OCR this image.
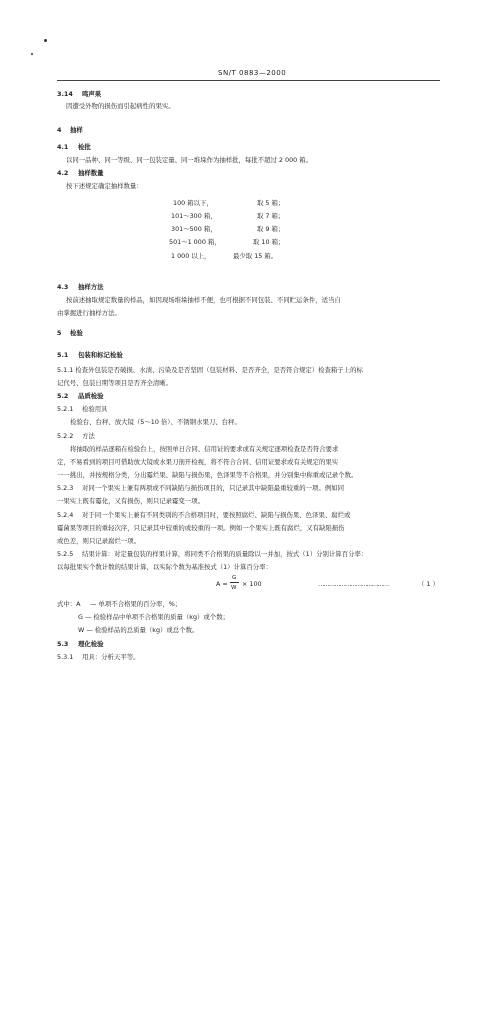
SN/T 0883—2000
3.14 鸣声果
因遭受外物的损伤而引起病性的果实。
4 抽样
4.1 检批
以同一品种、同一等级、同一包装定量、同一堆垛作为抽样批，每批不超过 2 000 箱。
4.2 抽样数量
按下述规定确定抽样数量：
100 箱以下，	取 5 箱；
101～300 箱，	取 7 箱；
301～500 箱，	取 9 箱；
501～1 000 箱，	取 10 箱；
1 000 以上，	最少取 15 箱。
4.3 抽样方法
按前述抽取规定数量的样品，如因现场堆垛抽样不便，也可根据不同包装、不同贮运条件，适当自
由掌握进行抽样方法。
5 检验
5.1 包装和标记检验
5.1.1 检查外包装是否破损、水渍、污染及是否坚固（包装材料、是否齐全，是否符合规定）检查箱子上的标
记代号、包装日期等项目是否齐全清晰。
5.2 品质检验
5.2.1 检验用具
检验台、台秤、放大镜（5～10 倍）、不锈钢水果刀、台秤。
5.2.2 方法
将抽取的样品逐箱在检验台上，按照单日合同、信用证的要求或有关规定逐项检查是否符合要求
定，不易看到的项目可借助放大镜或水果刀剖开检视，将不符合合同、信用证要求或有关规定的果实
一一挑出，并按规格分类，分出霉烂果、缺陷与损伤果，色泽果等不合格果，并分别集中称重或记录个数。
5.2.3 对同一个果实上兼有两项或不同缺陷与损伤项目的，只记录其中缺陷最重较重的一项。例如同
一果实上既有霉化，又有损伤，则只记录霉变一项。
5.2.4 对于同一个果实上兼有不同类别的不合格项目时，要按照腐烂、缺陷与损伤果、色泽果、腐烂或
霉菌果等项目的重轻次序，只记录其中较重的或较重的一项。例如一个果实上既有腐烂，又有缺陷损伤
或色差，则只记录腐烂一项。
5.2.5 结果计算：对定量包装的样果计算，将同类不合格果的质量除以一并加，按式（1）分别计算百分率：
以每批果实个数计数的结果计算，以实际个数为基准按式（1）计算百分率：
A =
G
W × 100	…………………………………	（ 1 ）
式中：A — 单项不合格果的百分率，%；
G — 检验样品中单项不合格果的质量（kg）或个数；
W — 检验样品的总质量（kg）或总个数。
5.3 理化检验
5.3.1 用具：分析天平等。
